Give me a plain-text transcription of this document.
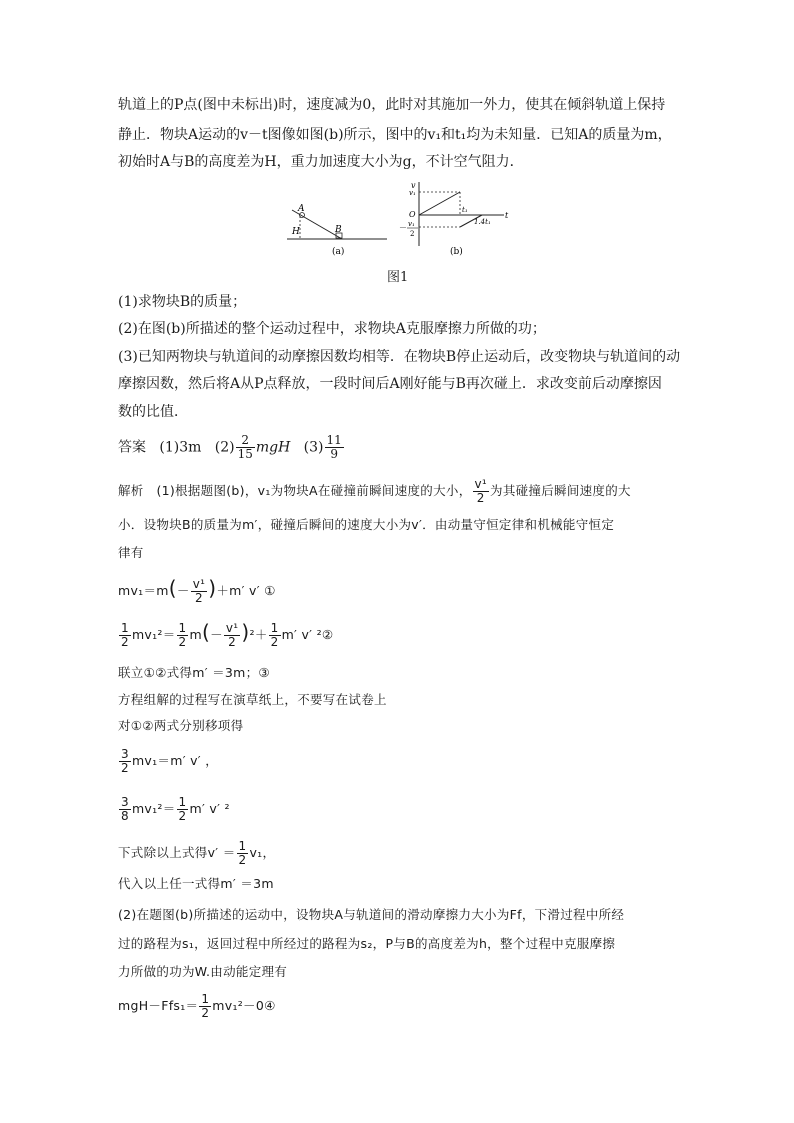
轨道上的P点(图中未标出)时，速度减为0，此时对其施加一外力，使其在倾斜轨道上保持
静止．物块A运动的v－t图像如图(b)所示，图中的v₁和t₁均为未知量．已知A的质量为m，
初始时A与B的高度差为H，重力加速度大小为g，不计空气阻力．
A
H	B
(a)
v
v₁
O	t
t₁
1.4t₁
－ v₁
2
(b)
图1
(1)求物块B的质量；
(2)在图(b)所描述的整个运动过程中，求物块A克服摩擦力所做的功；
(3)已知两物块与轨道间的动摩擦因数均相等．在物块B停止运动后，改变物块与轨道间的动
摩擦因数，然后将A从P点释放，一段时间后A刚好能与B再次碰上．求改变前后动摩擦因
数的比值．
答案 (1)3m $(2) \frac{2}{15}$ mgH $(3) \frac{11}{9}$
解析 (1)根据题图(b)，v₁为物块A在碰撞前瞬间速度的大小， $\frac{\text{v¹}}{2}$ 为其碰撞后瞬间速度的大
小．设物块B的质量为m′，碰撞后瞬间的速度大小为v′．由动量守恒定律和机械能守恒定
律有
$mv_1=m(- \frac{\text{v¹}}{2} )+m'$ v′ ①
$\frac{1}{2} mv_1^2= \frac{1}{2} m(- \frac{\text{v¹}}{2} )^2+ \frac{1}{2} m'$ v′ ²②
联立①②式得m′ ＝3m；③
方程组解的过程写在演草纸上，不要写在试卷上
对①②两式分别移项得
$\frac{3}{2} mv_1=m'$ v′ ，
$\frac{3}{8} mv_1^2= \frac{1}{2} m'$ v′ ²
下式除以上式得$v' = \frac{1}{2} v_1$，
代入以上任一式得m′ ＝3m
(2)在题图(b)所描述的运动中，设物块A与轨道间的滑动摩擦力大小为Ff，下滑过程中所经
过的路程为s₁，返回过程中所经过的路程为s₂，P与B的高度差为h，整个过程中克服摩擦
力所做的功为W.由动能定理有
$mgH-Ffs_1= \frac{1}{2}$ mv₁²－0④
